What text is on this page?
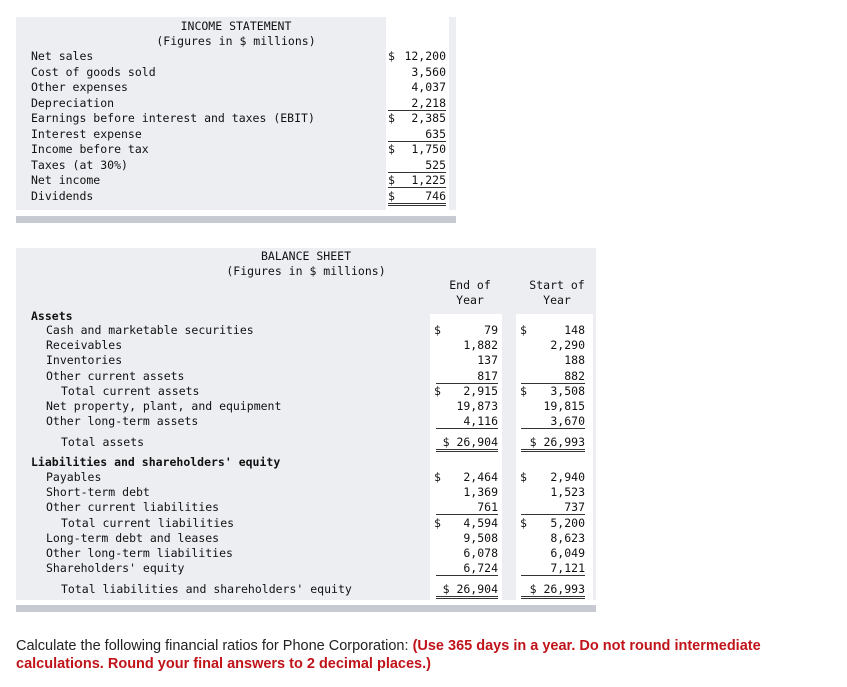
INCOME STATEMENT
(Figures in $ millions)
Net sales	$ 12,200
Cost of goods sold	3,560
Other expenses	4,037
Depreciation	2,218
Earnings before interest and taxes (EBIT)	$	2,385
Interest expense	635
Income before tax	$	1,750
Taxes (at 30%)	525
Net income	$	1,225
Dividends	$	746
BALANCE SHEET
(Figures in $ millions)
End of
Year
Start of
Year
Assets
Liabilities and shareholders' equity
Cash and marketable securities	$	79 $	148
Receivables	1,882	2,290
Inventories	137	188
Other current assets	817	882
Total current assets	$	2,915 $	3,508
Net property, plant, and equipment	19,873	19,815
Other long-term assets	4,116	3,670
Total assets	$ 26,904	$ 26,993
Payables	$	2,464 $	2,940
Short-term debt	1,369	1,523
Other current liabilities	761	737
Total current liabilities	$	4,594 $	5,200
Long-term debt and leases	9,508	8,623
Other long-term liabilities	6,078	6,049
Shareholders' equity	6,724	7,121
Total liabilities and shareholders' equity	$ 26,904	$ 26,993
Calculate the following financial ratios for Phone Corporation: (Use 365 days in a year. Do not round intermediate calculations. Round your final answers to 2 decimal places.)
